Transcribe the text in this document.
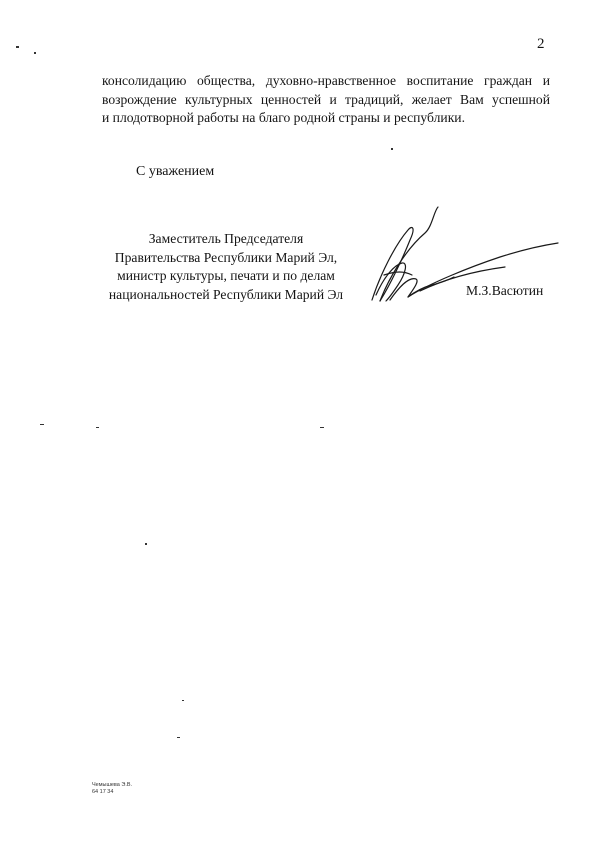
2
консолидацию общества, духовно-нравственное воспитание граждан и
возрождение культурных ценностей и традиций, желает Вам успешной
и плодотворной работы на благо родной страны и республики.
С уважением
Заместитель Председателя
Правительства Республики Марий Эл,
министр культуры, печати и по делам
национальностей Республики Марий Эл	М.З.Васютин
Чемышева Э.В.
64 17 34
